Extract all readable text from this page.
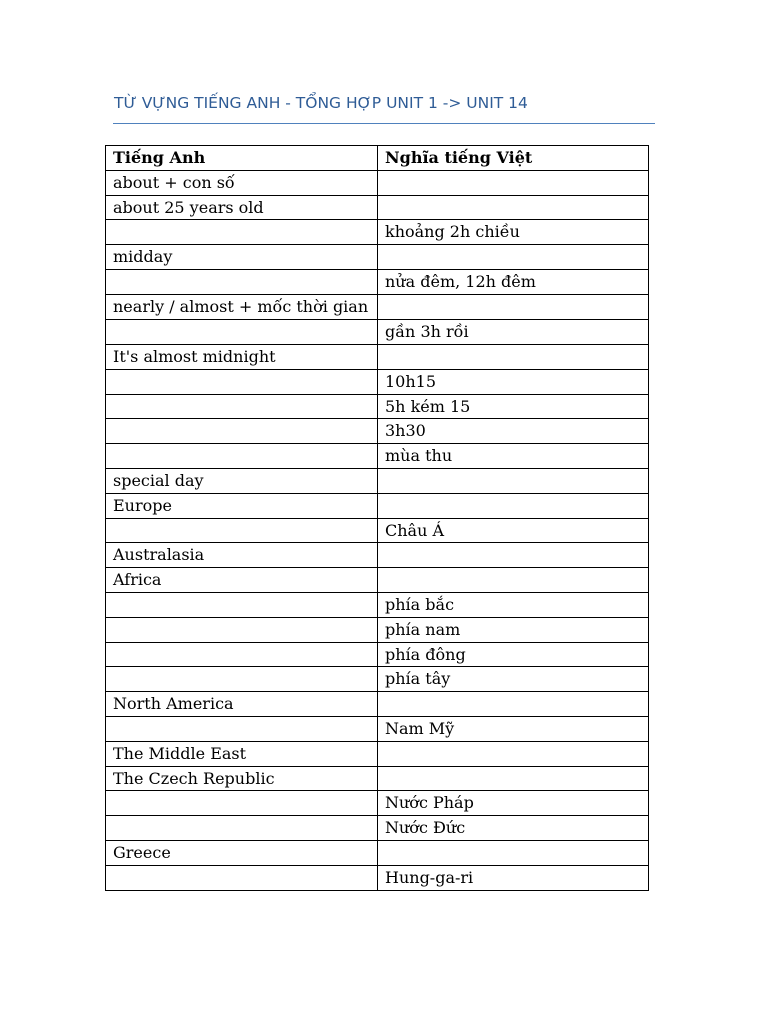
TỪ VỰNG TIẾNG ANH - TỔNG HỢP UNIT 1 -> UNIT 14
Tiếng Anh	Nghĩa tiếng Việt
about + con số	
about 25 years old	
	khoảng 2h chiều
midday	
	nửa đêm, 12h đêm
nearly / almost + mốc thời gian	
	gần 3h rồi
It's almost midnight	
	10h15
	5h kém 15
	3h30
	mùa thu
special day	
Europe	
	Châu Á
Australasia	
Africa	
	phía bắc
	phía nam
	phía đông
	phía tây
North America	
	Nam Mỹ
The Middle East	
The Czech Republic	
	Nước Pháp
	Nước Đức
Greece	
	Hung-ga-ri
